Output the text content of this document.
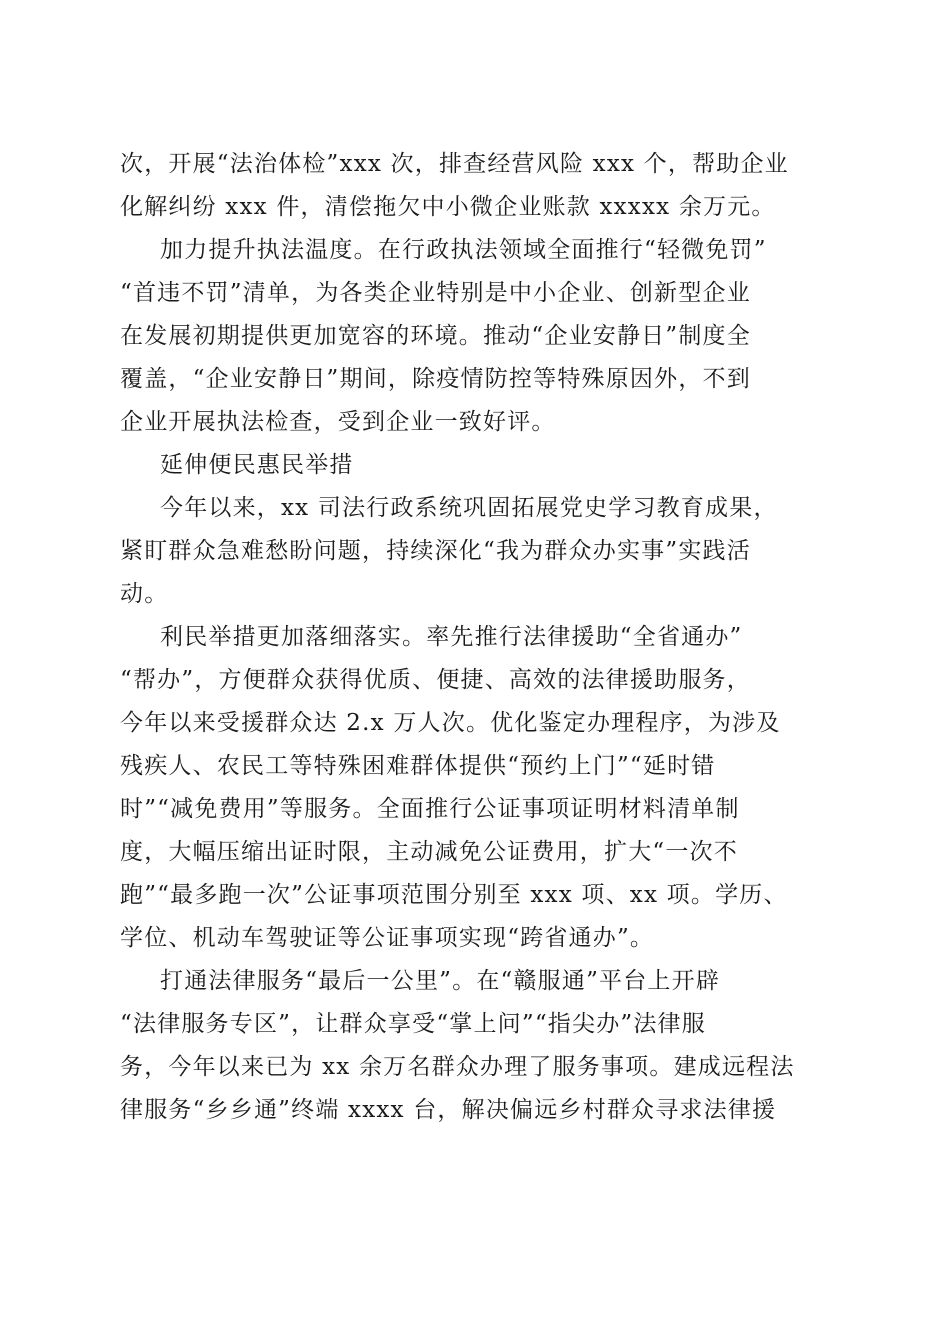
次，开展“法治体检”xxx 次，排查经营风险 xxx 个，帮助企业
化解纠纷 xxx 件，清偿拖欠中小微企业账款 xxxxx 余万元。
加力提升执法温度。在行政执法领域全面推行“轻微免罚”
“首违不罚”清单，为各类企业特别是中小企业、创新型企业
在发展初期提供更加宽容的环境。推动“企业安静日”制度全
覆盖，“企业安静日”期间，除疫情防控等特殊原因外，不到
企业开展执法检查，受到企业一致好评。
延伸便民惠民举措
今年以来，xx 司法行政系统巩固拓展党史学习教育成果，
紧盯群众急难愁盼问题，持续深化“我为群众办实事”实践活
动。
利民举措更加落细落实。率先推行法律援助“全省通办”
“帮办”，方便群众获得优质、便捷、高效的法律援助服务，
今年以来受援群众达 2.x 万人次。优化鉴定办理程序，为涉及
残疾人、农民工等特殊困难群体提供“预约上门”“延时错
时”“减免费用”等服务。全面推行公证事项证明材料清单制
度，大幅压缩出证时限，主动减免公证费用，扩大“一次不
跑”“最多跑一次”公证事项范围分别至 xxx 项、xx 项。学历、
学位、机动车驾驶证等公证事项实现“跨省通办”。
打通法律服务“最后一公里”。在“赣服通”平台上开辟
“法律服务专区”，让群众享受“掌上问”“指尖办”法律服
务，今年以来已为 xx 余万名群众办理了服务事项。建成远程法
律服务“乡乡通”终端 xxxx 台，解决偏远乡村群众寻求法律援
